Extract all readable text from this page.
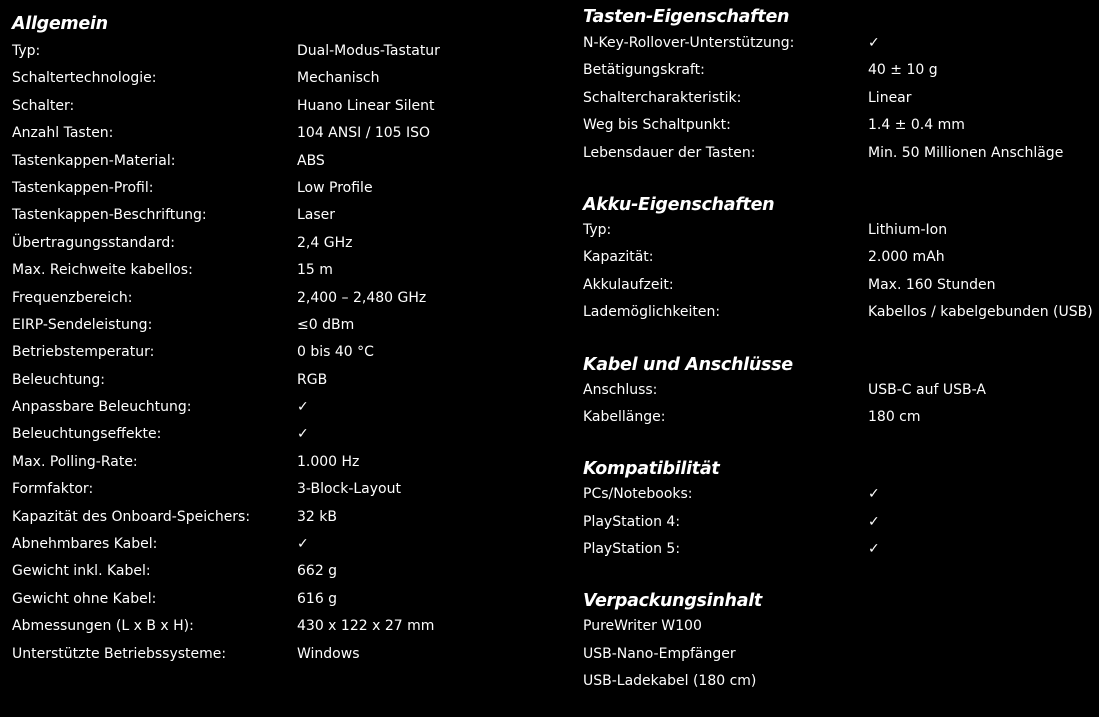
Allgemein
Typ:	Dual-Modus-Tastatur
Schaltertechnologie:	Mechanisch
Schalter:	Huano Linear Silent
Anzahl Tasten:	104 ANSI / 105 ISO
Tastenkappen-Material:	ABS
Tastenkappen-Profil:	Low Profile
Tastenkappen-Beschriftung:	Laser
Übertragungsstandard:	2,4 GHz
Max. Reichweite kabellos:	15 m
Frequenzbereich:	2,400 – 2,480 GHz
EIRP-Sendeleistung:	≤0 dBm
Betriebstemperatur:	0 bis 40 °C
Beleuchtung:	RGB
Anpassbare Beleuchtung:	✓
Beleuchtungseffekte:	✓
Max. Polling-Rate:	1.000 Hz
Formfaktor:	3-Block-Layout
Kapazität des Onboard-Speichers:	32 kB
Abnehmbares Kabel:	✓
Gewicht inkl. Kabel:	662 g
Gewicht ohne Kabel:	616 g
Abmessungen (L x B x H):	430 x 122 x 27 mm
Unterstützte Betriebssysteme:	Windows
Tasten-Eigenschaften
N-Key-Rollover-Unterstützung:	✓
Betätigungskraft:	40 ± 10 g
Schaltercharakteristik:	Linear
Weg bis Schaltpunkt:	1.4 ± 0.4 mm
Lebensdauer der Tasten:	Min. 50 Millionen Anschläge
Akku-Eigenschaften
Typ:	Lithium-Ion
Kapazität:	2.000 mAh
Akkulaufzeit:	Max. 160 Stunden
Lademöglichkeiten:	Kabellos / kabelgebunden (USB)
Kabel und Anschlüsse
Anschluss:	USB-C auf USB-A
Kabellänge:	180 cm
Kompatibilität
PCs/Notebooks:	✓
PlayStation 4:	✓
PlayStation 5:	✓
Verpackungsinhalt
PureWriter W100
USB-Nano-Empfänger
USB-Ladekabel (180 cm)
